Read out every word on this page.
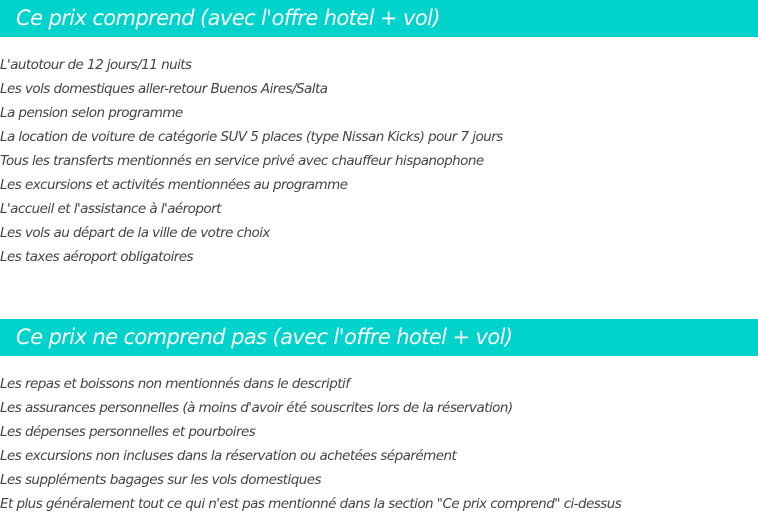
Ce prix comprend (avec l'offre hotel + vol)
L'autotour de 12 jours/11 nuits
Les vols domestiques aller-retour Buenos Aires/Salta
La pension selon programme
La location de voiture de catégorie SUV 5 places (type Nissan Kicks) pour 7 jours
Tous les transferts mentionnés en service privé avec chauffeur hispanophone
Les excursions et activités mentionnées au programme
L'accueil et l'assistance à l'aéroport
Les vols au départ de la ville de votre choix
Les taxes aéroport obligatoires
Ce prix ne comprend pas (avec l'offre hotel + vol)
Les repas et boissons non mentionnés dans le descriptif
Les assurances personnelles (à moins d'avoir été souscrites lors de la réservation)
Les dépenses personnelles et pourboires
Les excursions non incluses dans la réservation ou achetées séparément
Les suppléments bagages sur les vols domestiques
Et plus généralement tout ce qui n'est pas mentionné dans la section "Ce prix comprend" ci-dessus
